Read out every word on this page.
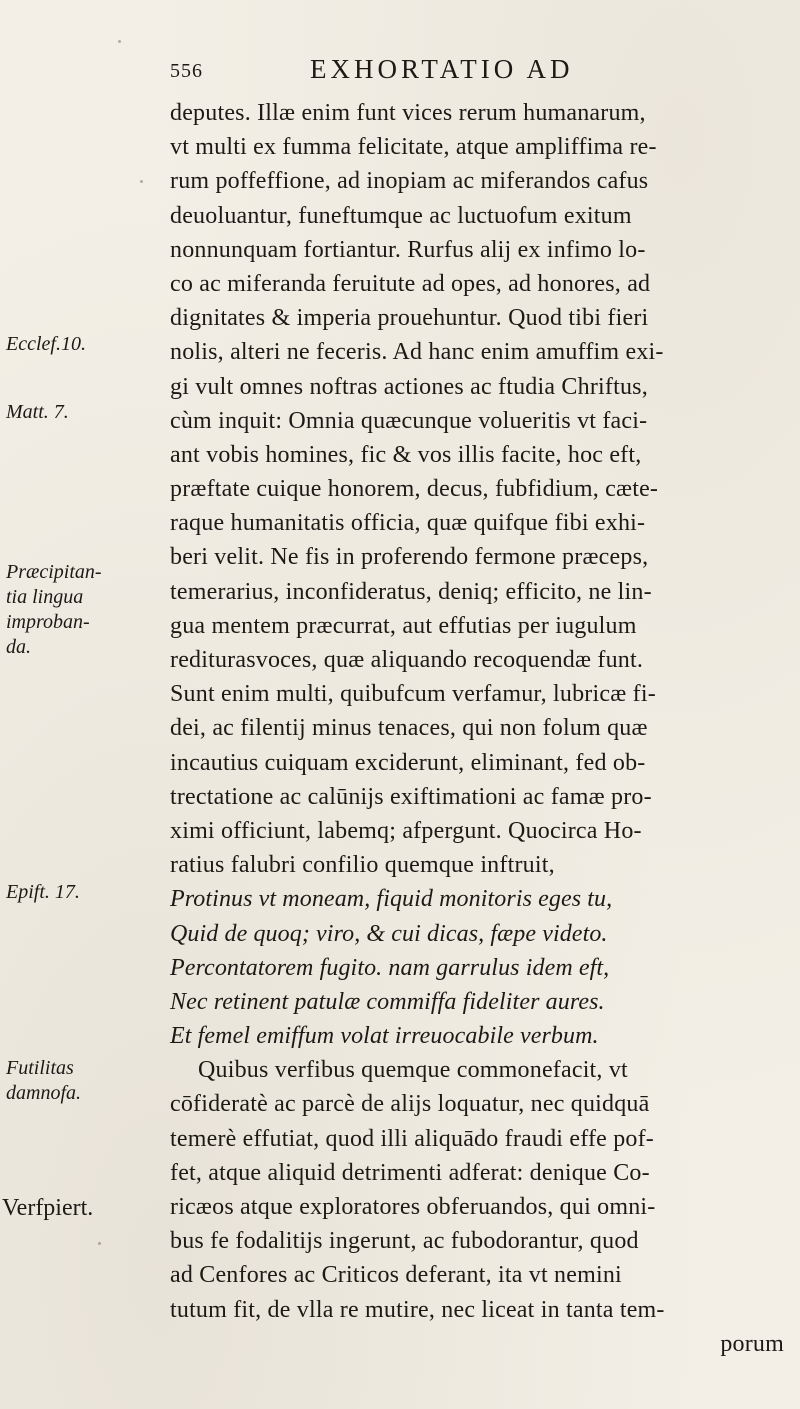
556	EXHORTATIO AD
Ecclef.10.
Matt. 7.
Præcipitan-
tia lingua
improban-
da.
Epift. 17.
Futilitas
damnofa.
Verfpiert.
deputes. Illæ enim funt vices rerum humanarum,
vt multi ex fumma felicitate, atque ampliffima re-
rum poffeffione, ad inopiam ac miferandos cafus
deuoluantur, funeftumque ac luctuofum exitum
nonnunquam fortiantur. Rurfus alij ex infimo lo-
co ac miferanda feruitute ad opes, ad honores, ad
dignitates & imperia prouehuntur. Quod tibi fieri
nolis, alteri ne feceris. Ad hanc enim amuffim exi-
gi vult omnes noftras actiones ac ftudia Chriftus,
cùm inquit: Omnia quæcunque volueritis vt faci-
ant vobis homines, fic & vos illis facite, hoc eft,
præftate cuique honorem, decus, fubfidium, cæte-
raque humanitatis officia, quæ quifque fibi exhi-
beri velit. Ne fis in proferendo fermone præceps,
temerarius, inconfideratus, deniq; efficito, ne lin-
gua mentem præcurrat, aut effutias per iugulum
rediturasvoces, quæ aliquando recoquendæ funt.
Sunt enim multi, quibufcum verfamur, lubricæ fi-
dei, ac filentij minus tenaces, qui non folum quæ
incautius cuiquam exciderunt, eliminant, fed ob-
trectatione ac calūnijs exiftimationi ac famæ pro-
ximi officiunt, labemq; afpergunt. Quocirca Ho-
ratius falubri confilio quemque inftruit,
Protinus vt moneam, fiquid monitoris eges tu,
Quid de quoq; viro, & cui dicas, fæpe videto.
Percontatorem fugito. nam garrulus idem eft,
Nec retinent patulæ commiffa fideliter aures.
Et femel emiffum volat irreuocabile verbum.
Quibus verfibus quemque commonefacit, vt
cōfideratè ac parcè de alijs loquatur, nec quidquā
temerè effutiat, quod illi aliquādo fraudi effe pof-
fet, atque aliquid detrimenti adferat: denique Co-
ricæos atque exploratores obferuandos, qui omni-
bus fe fodalitijs ingerunt, ac fubodorantur, quod
ad Cenfores ac Criticos deferant, ita vt nemini
tutum fit, de vlla re mutire, nec liceat in tanta tem-
porum
